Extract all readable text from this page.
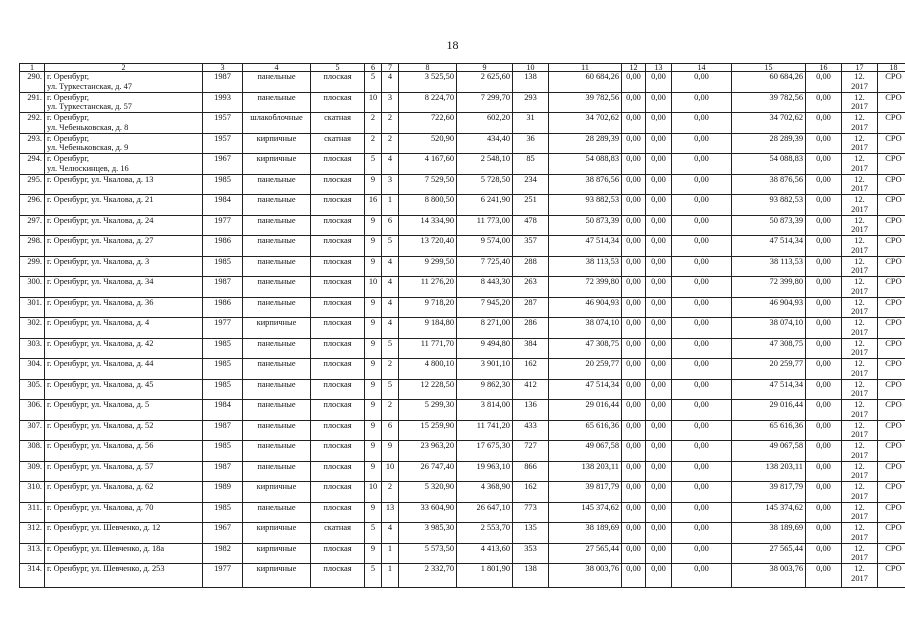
18
1	2	3	4	5	6	7	8	9	10	11	12	13	14	15	16	17	18
290.	г. Оренбург,
ул. Туркестанская, д. 47	1987	панельные	плоская	5	4	3 525,50	2 625,60	138	60 684,26	0,00	0,00	0,00	60 684,26	0,00	12.
2017	СРО
291.	г. Оренбург,
ул. Туркестанская, д. 57	1993	панельные	плоская	10	3	8 224,70	7 299,70	293	39 782,56	0,00	0,00	0,00	39 782,56	0,00	12.
2017	СРО
292.	г. Оренбург,
ул. Чебеньковская, д. 8	1957	шлакоблочные	скатная	2	2	722,60	602,20	31	34 702,62	0,00	0,00	0,00	34 702,62	0,00	12.
2017	СРО
293.	г. Оренбург,
ул. Чебеньковская, д. 9	1957	кирпичные	скатная	2	2	520,90	434,40	36	28 289,39	0,00	0,00	0,00	28 289,39	0,00	12.
2017	СРО
294.	г. Оренбург,
ул. Челюскинцев, д. 16	1967	кирпичные	плоская	5	4	4 167,60	2 548,10	85	54 088,83	0,00	0,00	0,00	54 088,83	0,00	12.
2017	СРО
295.	г. Оренбург, ул. Чкалова, д. 13	1985	панельные	плоская	9	3	7 529,50	5 728,50	234	38 876,56	0,00	0,00	0,00	38 876,56	0,00	12.
2017	СРО
296.	г. Оренбург, ул. Чкалова, д. 21	1984	панельные	плоская	16	1	8 800,50	6 241,90	251	93 882,53	0,00	0,00	0,00	93 882,53	0,00	12.
2017	СРО
297.	г. Оренбург, ул. Чкалова, д. 24	1977	панельные	плоская	9	6	14 334,90	11 773,00	478	50 873,39	0,00	0,00	0,00	50 873,39	0,00	12.
2017	СРО
298.	г. Оренбург, ул. Чкалова, д. 27	1986	панельные	плоская	9	5	13 720,40	9 574,00	357	47 514,34	0,00	0,00	0,00	47 514,34	0,00	12.
2017	СРО
299.	г. Оренбург, ул. Чкалова, д. 3	1985	панельные	плоская	9	4	9 299,50	7 725,40	288	38 113,53	0,00	0,00	0,00	38 113,53	0,00	12.
2017	СРО
300.	г. Оренбург, ул. Чкалова, д. 34	1987	панельные	плоская	10	4	11 276,20	8 443,30	263	72 399,80	0,00	0,00	0,00	72 399,80	0,00	12.
2017	СРО
301.	г. Оренбург, ул. Чкалова, д. 36	1986	панельные	плоская	9	4	9 718,20	7 945,20	287	46 904,93	0,00	0,00	0,00	46 904,93	0,00	12.
2017	СРО
302.	г. Оренбург, ул. Чкалова, д. 4	1977	кирпичные	плоская	9	4	9 184,80	8 271,00	286	38 074,10	0,00	0,00	0,00	38 074,10	0,00	12.
2017	СРО
303.	г. Оренбург, ул. Чкалова, д. 42	1985	панельные	плоская	9	5	11 771,70	9 494,80	384	47 308,75	0,00	0,00	0,00	47 308,75	0,00	12.
2017	СРО
304.	г. Оренбург, ул. Чкалова, д. 44	1985	панельные	плоская	9	2	4 800,10	3 901,10	162	20 259,77	0,00	0,00	0,00	20 259,77	0,00	12.
2017	СРО
305.	г. Оренбург, ул. Чкалова, д. 45	1985	панельные	плоская	9	5	12 228,50	9 862,30	412	47 514,34	0,00	0,00	0,00	47 514,34	0,00	12.
2017	СРО
306.	г. Оренбург, ул. Чкалова, д. 5	1984	панельные	плоская	9	2	5 299,30	3 814,00	136	29 016,44	0,00	0,00	0,00	29 016,44	0,00	12.
2017	СРО
307.	г. Оренбург, ул. Чкалова, д. 52	1987	панельные	плоская	9	6	15 259,90	11 741,20	433	65 616,36	0,00	0,00	0,00	65 616,36	0,00	12.
2017	СРО
308.	г. Оренбург, ул. Чкалова, д. 56	1985	панельные	плоская	9	9	23 963,20	17 675,30	727	49 067,58	0,00	0,00	0,00	49 067,58	0,00	12.
2017	СРО
309.	г. Оренбург, ул. Чкалова, д. 57	1987	панельные	плоская	9	10	26 747,40	19 963,10	866	138 203,11	0,00	0,00	0,00	138 203,11	0,00	12.
2017	СРО
310.	г. Оренбург, ул. Чкалова, д. 62	1989	кирпичные	плоская	10	2	5 320,90	4 368,90	162	39 817,79	0,00	0,00	0,00	39 817,79	0,00	12.
2017	СРО
311.	г. Оренбург, ул. Чкалова, д. 70	1985	панельные	плоская	9	13	33 604,90	26 647,10	773	145 374,62	0,00	0,00	0,00	145 374,62	0,00	12.
2017	СРО
312.	г. Оренбург, ул. Шевченко, д. 12	1967	кирпичные	скатная	5	4	3 985,30	2 553,70	135	38 189,69	0,00	0,00	0,00	38 189,69	0,00	12.
2017	СРО
313.	г. Оренбург, ул. Шевченко, д. 18а	1982	кирпичные	плоская	9	1	5 573,50	4 413,60	353	27 565,44	0,00	0,00	0,00	27 565,44	0,00	12.
2017	СРО
314.	г. Оренбург, ул. Шевченко, д. 253	1977	кирпичные	плоская	5	1	2 332,70	1 801,90	138	38 003,76	0,00	0,00	0,00	38 003,76	0,00	12.
2017	СРО
